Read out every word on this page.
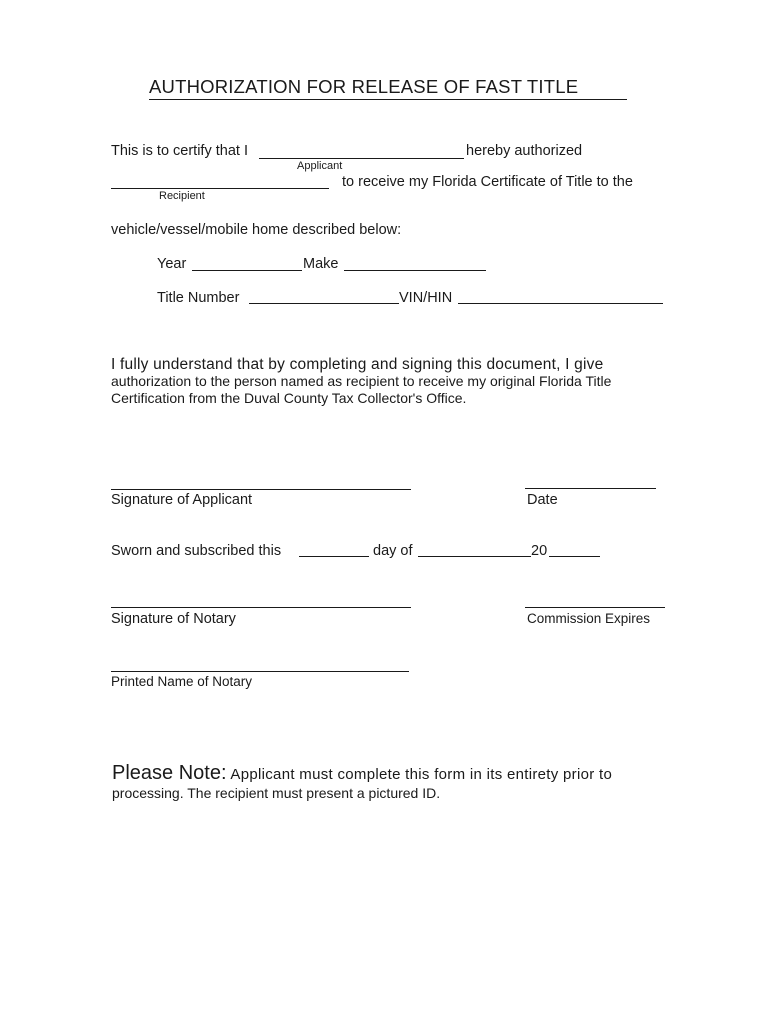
AUTHORIZATION FOR RELEASE OF FAST TITLE
This is to certify that I	hereby authorized
Applicant
to receive my Florida Certificate of Title to the
Recipient
vehicle/vessel/mobile home described below:
Year	Make
Title Number	VIN/HIN
I fully understand that by completing and signing this document, I give
authorization to the person named as recipient to receive my original Florida Title Certification from the Duval County Tax Collector's Office.
Signature of Applicant	Date
Sworn and subscribed this	day of	20
Signature of Notary	Commission Expires
Printed Name of Notary
Please Note: Applicant must complete this form in its entirety prior to
processing. The recipient must present a pictured ID.
